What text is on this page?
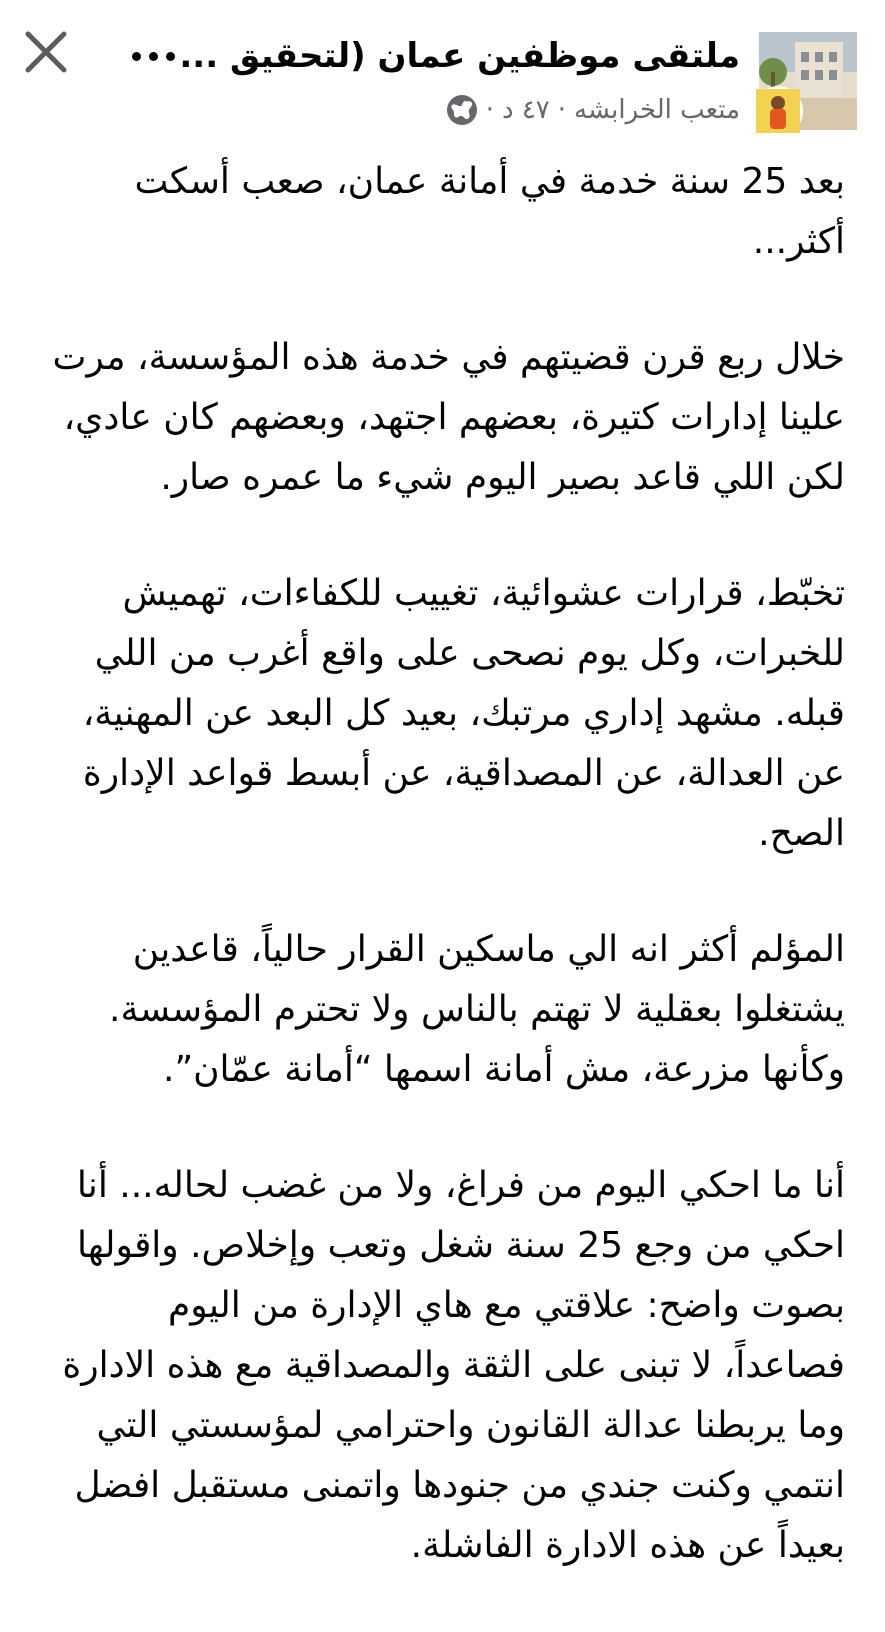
ملتقى موظفين عمان (لتحقيق ...
متعب الخرابشه
·
٤٧ د
·

بعد 25 سنة خدمة في أمانة عمان، صعب أسكت أكثر...

خلال ربع قرن قضيتهم في خدمة هذه المؤسسة، مرت علينا إدارات كتيرة، بعضهم اجتهد، وبعضهم كان عادي، لكن اللي قاعد بصير اليوم شيء ما عمره صار.

تخبّط، قرارات عشوائية، تغييب للكفاءات، تهميش للخبرات، وكل يوم نصحى على واقع أغرب من اللي قبله. مشهد إداري مرتبك، بعيد كل البعد عن المهنية، عن العدالة، عن المصداقية، عن أبسط قواعد الإدارة الصح.

المؤلم أكثر انه الي ماسكين القرار حالياً، قاعدين يشتغلوا بعقلية لا تهتم بالناس ولا تحترم المؤسسة. وكأنها مزرعة، مش أمانة اسمها “أمانة عمّان”.

أنا ما احكي اليوم من فراغ، ولا من غضب لحاله... أنا احكي من وجع 25 سنة شغل وتعب وإخلاص. واقولها بصوت واضح: علاقتي مع هاي الإدارة من اليوم فصاعداً، لا تبنى على الثقة والمصداقية مع هذه الادارة وما يربطنا عدالة القانون واحترامي لمؤسستي التي انتمي وكنت جندي من جنودها واتمنى مستقبل افضل بعيداً عن هذه الادارة الفاشلة.
